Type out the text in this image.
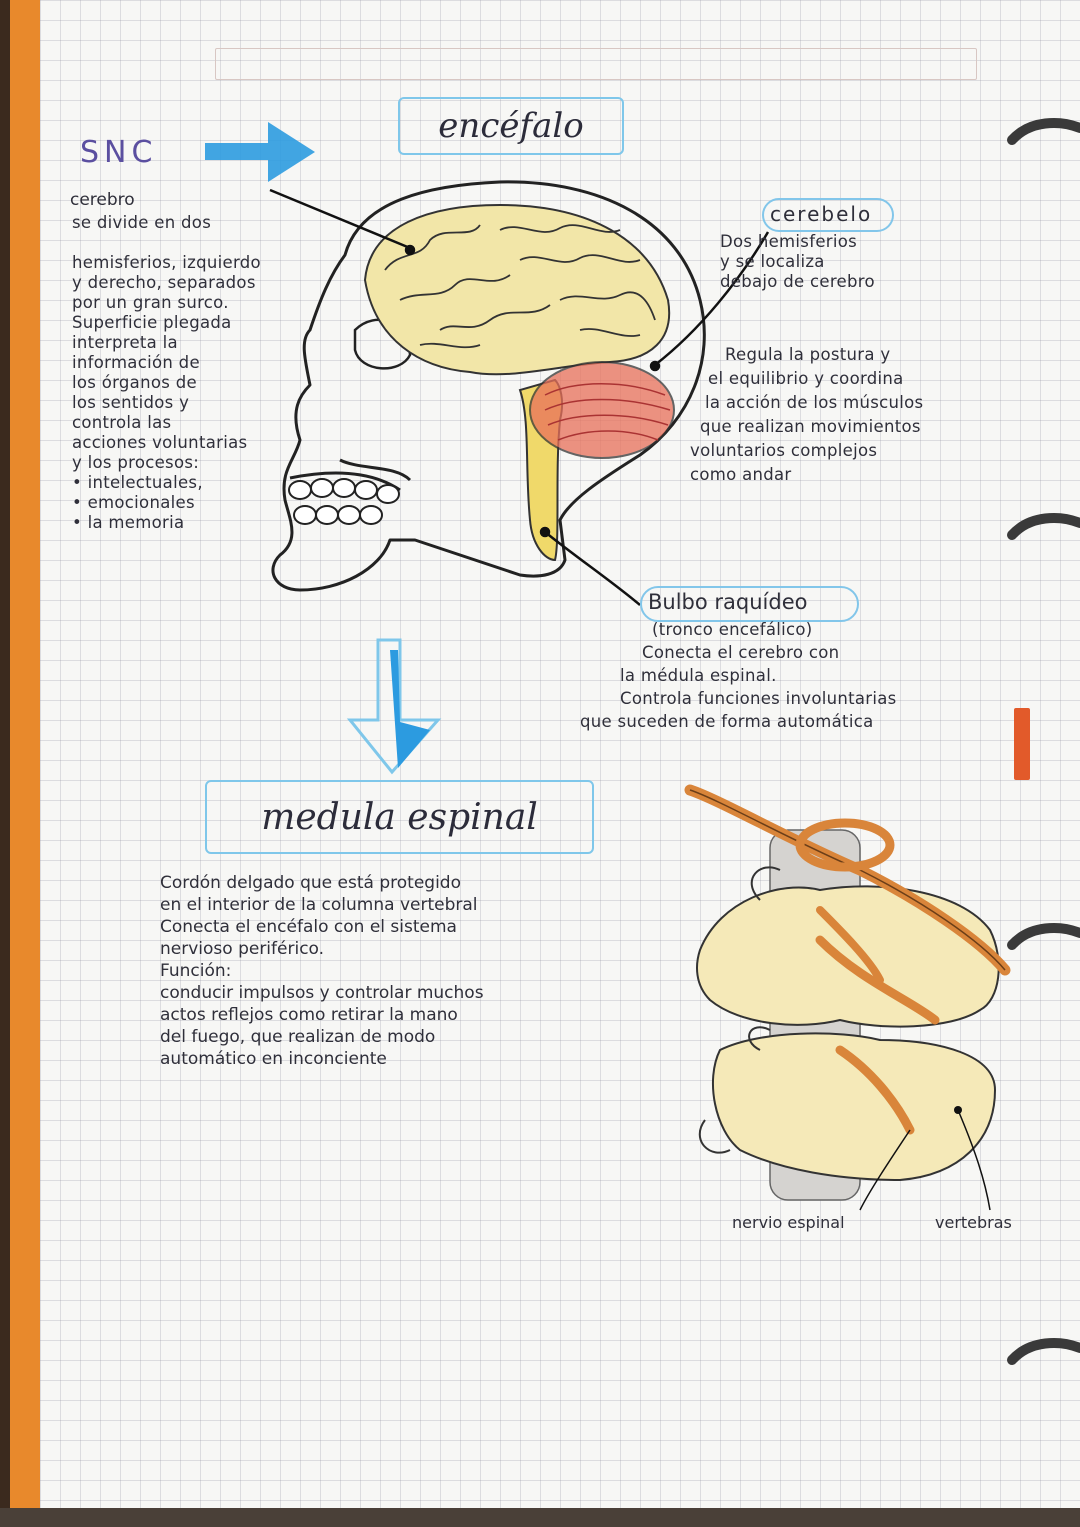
SNC
encéfalo
cerebro
se divide en dos
hemisferios, izquierdo
y derecho, separados
por un gran surco.
Superficie plegada
interpreta la
información de
los órganos de
los sentidos y
controla las
acciones voluntarias
y los procesos:
• intelectuales,
• emocionales
• la memoria
cerebelo
Dos hemisferios
y se localiza
debajo de cerebro
Regula la postura y
el equilibrio y coordina
la acción de los músculos
que realizan movimientos
voluntarios complejos
como andar
Bulbo raquídeo
(tronco encefálico)
Conecta el cerebro con
la médula espinal.
Controla funciones involuntarias
que suceden de forma automática
medula espinal
Cordón delgado que está protegido
en el interior de la columna vertebral
Conecta el encéfalo con el sistema
nervioso periférico.
Función:
conducir impulsos y controlar muchos
actos reflejos como retirar la mano
del fuego, que realizan de modo
automático en inconciente
nervio espinal	vertebras
